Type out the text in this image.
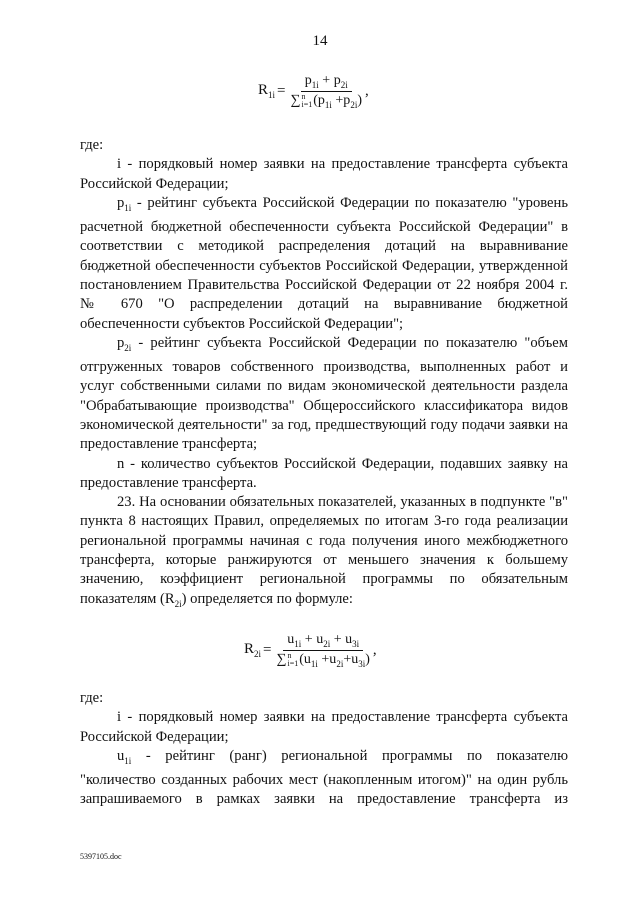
14
$R_{1i} = p_{1i} + p_{2i}$
∑ n
i=1 $(p_{1i} +p_{2i})$ ,

где:

i - порядковый номер заявки на предоставление трансферта субъекта Российской Федерации;

$p_{1i}$ - рейтинг субъекта Российской Федерации по показателю "уровень расчетной бюджетной обеспеченности субъекта Российской Федерации" в соответствии с методикой распределения дотаций на выравнивание бюджетной обеспеченности субъектов Российской Федерации, утвержденной постановлением Правительства Российской Федерации от 22 ноября 2004 г. № 670 "О распределении дотаций на выравнивание бюджетной обеспеченности субъектов Российской Федерации";

$p_{2i}$ - рейтинг субъекта Российской Федерации по показателю "объем отгруженных товаров собственного производства, выполненных работ и услуг собственными силами по видам экономической деятельности раздела "Обрабатывающие производства" Общероссийского классификатора видов экономической деятельности" за год, предшествующий году подачи заявки на предоставление трансферта;

n - количество субъектов Российской Федерации, подавших заявку на предоставление трансферта.

23. На основании обязательных показателей, указанных в подпункте "в" пункта 8 настоящих Правил, определяемых по итогам 3-го года реализации региональной программы начиная с года получения иного межбюджетного трансферта, которые ранжируются от меньшего значения к большему значению, коэффициент региональной программы по обязательным показателям $(R_{2i})$ определяется по формуле:

$R_{2i} = u_{1i} + u_{2i} + u_{3i}$
∑ n
i=1 $(u_{1i} +u_{2i}+u_{3i})$ ,

где:

i - порядковый номер заявки на предоставление трансферта субъекта Российской Федерации;

$u_{1i}$ - рейтинг (ранг) региональной программы по показателю "количество созданных рабочих мест (накопленным итогом)" на один рубль запрашиваемого в рамках заявки на предоставление трансферта из

5397105.doc
